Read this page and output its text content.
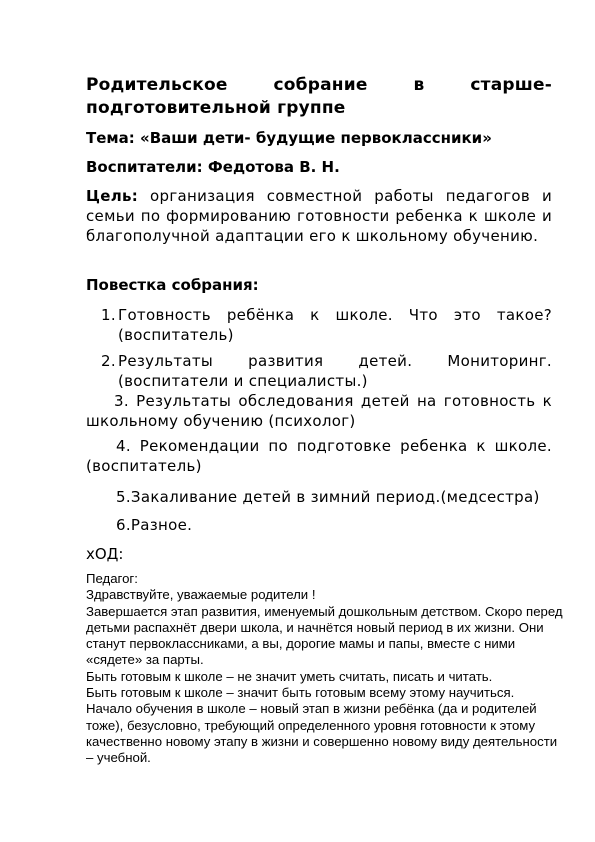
Родительское собрание в старше-подготовительной группе
Тема: «Ваши дети- будущие первоклассники»
Воспитатели: Федотова В. Н.
Цель: организация совместной работы педагогов и семьи по формированию готовности ребенка к школе и благополучной адаптации его к школьному обучению.
Повестка собрания:
1. Готовность ребёнка к школе. Что это такое? (воспитатель)
2. Результаты развития детей. Мониторинг. (воспитатели и специалисты.)
3. Результаты обследования детей на готовность к школьному обучению (психолог)
4. Рекомендации по подготовке ребенка к школе. (воспитатель)
5.Закаливание детей в зимний период.(медсестра)
6.Разное.
хОД:

Педагог:

Здравствуйте, уважаемые родители !

Завершается этап развития, именуемый дошкольным детством. Скоро перед детьми распахнёт двери школа, и начнётся новый период в их жизни. Они станут первоклассниками, а вы, дорогие мамы и папы, вместе с ними «сядете» за парты.

Быть готовым к школе – не значит уметь считать, писать и читать.

Быть готовым к школе – значит быть готовым всему этому научиться.

Начало обучения в школе – новый этап в жизни ребёнка (да и родителей тоже), безусловно, требующий определенного уровня готовности к этому качественно новому этапу в жизни и совершенно новому виду деятельности – учебной.
